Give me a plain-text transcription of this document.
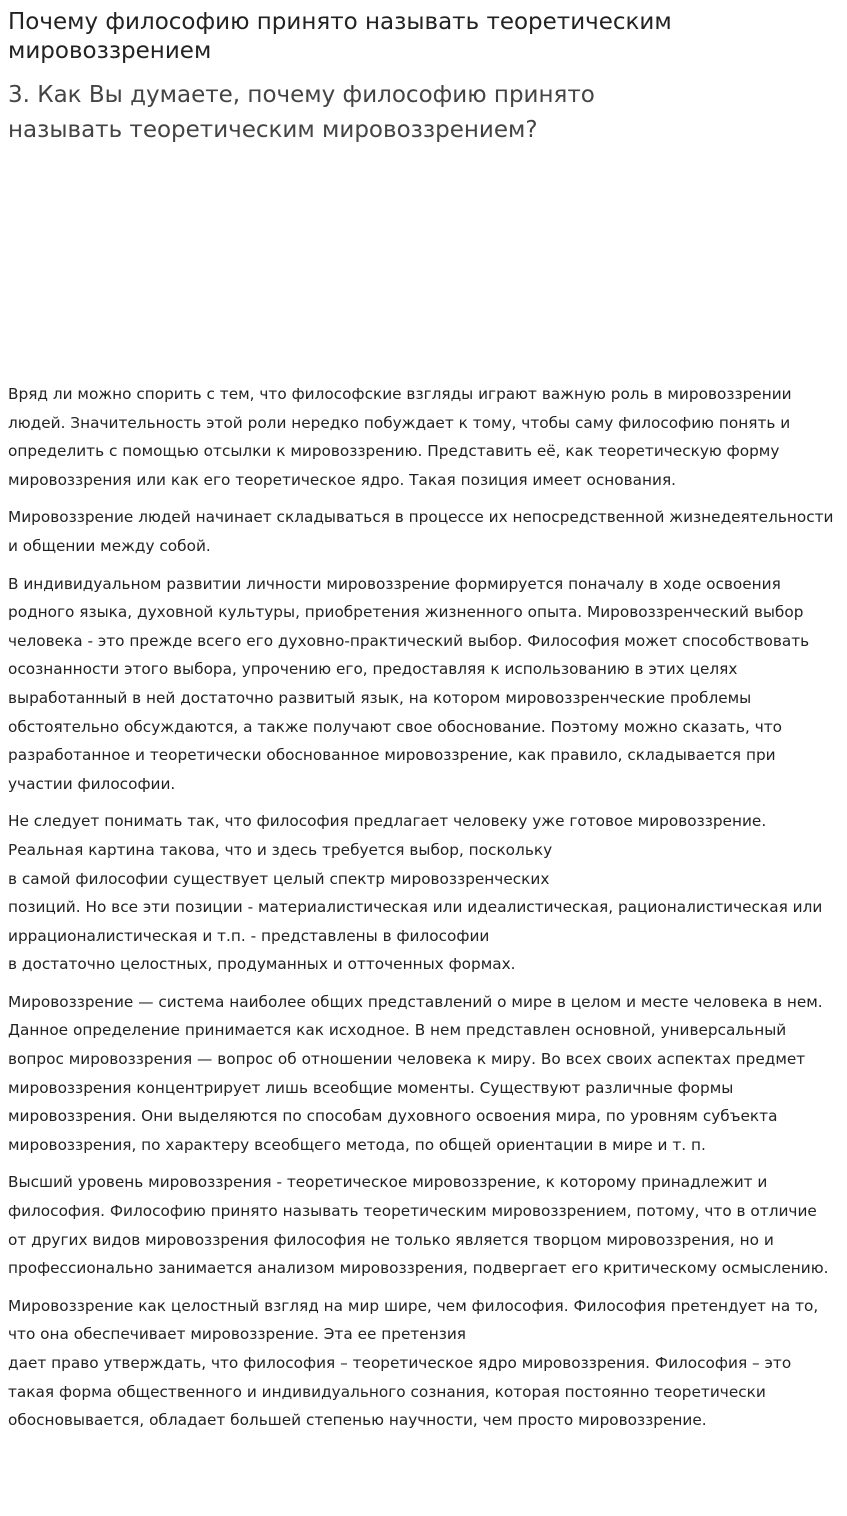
Почему философию принято называть теоретическим мировоззрением
3. Как Вы думаете, почему философию принято называть теоретическим мировоззрением?

Вряд ли можно спорить с тем, что философские взгляды играют важную роль в мировоззрении людей. Значительность этой роли нередко побуждает к тому, чтобы саму философию понять и определить с помощью отсылки к мировоззрению. Представить её, как теоретическую форму мировоззрения или как его теоретическое ядро. Такая позиция имеет основания.

Мировоззрение людей начинает складываться в процессе их непосредственной жизнедеятельности и общении между собой.

В индивидуальном развитии личности мировоззрение формируется поначалу в ходе освоения родного языка, духовной культуры, приобретения жизненного опыта. Мировоззренческий выбор человека - это прежде всего его духовно-практический выбор. Философия может способствовать осознанности этого выбора, упрочению его, предоставляя к использованию в этих целях выработанный в ней достаточно развитый язык, на котором мировоззренческие проблемы обстоятельно обсуждаются, а также получают свое обоснование. Поэтому можно сказать, что разработанное и теоретически обоснованное мировоззрение, как правило, складывается при участии философии.

Не следует понимать так, что философия предлагает человеку уже готовое мировоззрение. Реальная картина такова, что и здесь требуется выбор, поскольку
в самой философии существует целый спектр мировоззренческих
позиций. Но все эти позиции - материалистическая или идеалистическая, рационалистическая или иррационалистическая и т.п. - представлены в философии
в достаточно целостных, продуманных и отточенных формах.

Мировоззрение — система наиболее общих представлений о мире в целом и месте человека в нем. Данное определение принимается как исходное. В нем представлен основной, универсальный вопрос мировоззрения — вопрос об отношении человека к миру. Во всех своих аспектах предмет мировоззрения концентрирует лишь всеобщие моменты. Существуют различные формы мировоззрения. Они выделяются по способам духовного освоения мира, по уровням субъекта мировоззрения, по характеру всеобщего метода, по общей ориентации в мире и т. п.

Высший уровень мировоззрения - теоретическое мировоззрение, к которому принадлежит и философия. Философию принято называть теоретическим мировоззрением, потому, что в отличие от других видов мировоззрения философия не только является творцом мировоззрения, но и профессионально занимается анализом мировоззрения, подвергает его критическому осмыслению.

Мировоззрение как целостный взгляд на мир шире, чем философия. Философия претендует на то, что она обеспечивает мировоззрение. Эта ее претензия
дает право утверждать, что философия – теоретическое ядро мировоззрения. Философия – это такая форма общественного и индивидуального сознания, которая постоянно теоретически обосновывается, обладает большей степенью научности, чем просто мировоззрение.
